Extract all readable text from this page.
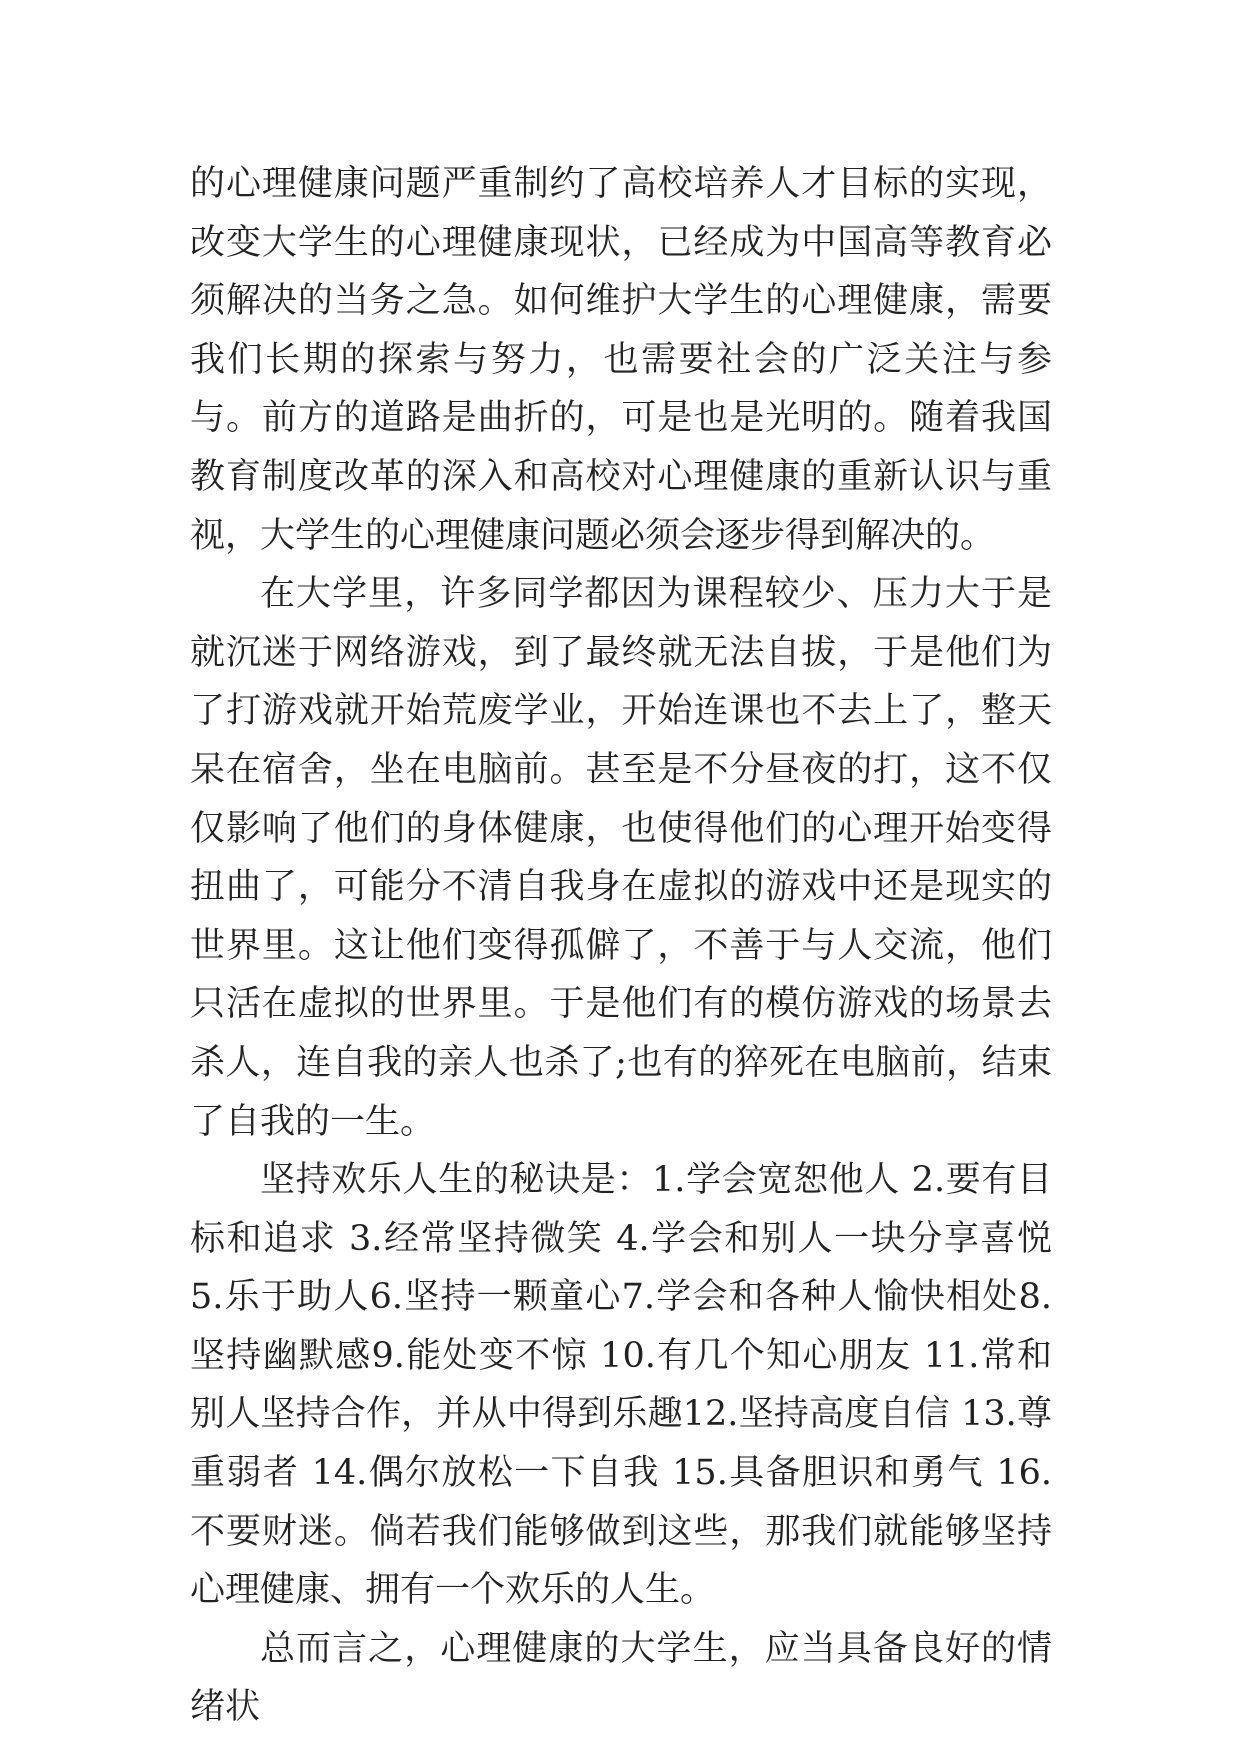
的心理健康问题严重制约了高校培养人才目标的实现，改变大学生的心理健康现状，已经成为中国高等教育必须解决的当务之急。如何维护大学生的心理健康，需要我们长期的探索与努力，也需要社会的广泛关注与参与。前方的道路是曲折的，可是也是光明的。随着我国教育制度改革的深入和高校对心理健康的重新认识与重视，大学生的心理健康问题必须会逐步得到解决的。

在大学里，许多同学都因为课程较少、压力大于是就沉迷于网络游戏，到了最终就无法自拔，于是他们为了打游戏就开始荒废学业，开始连课也不去上了，整天呆在宿舍，坐在电脑前。甚至是不分昼夜的打，这不仅仅影响了他们的身体健康，也使得他们的心理开始变得扭曲了，可能分不清自我身在虚拟的游戏中还是现实的世界里。这让他们变得孤僻了，不善于与人交流，他们只活在虚拟的世界里。于是他们有的模仿游戏的场景去杀人，连自我的亲人也杀了;也有的猝死在电脑前，结束了自我的一生。

坚持欢乐人生的秘诀是：1.学会宽恕他人 2.要有目标和追求 3.经常坚持微笑 4.学会和别人一块分享喜悦 5.乐于助人6.坚持一颗童心7.学会和各种人愉快相处8.坚持幽默感9.能处变不惊 10.有几个知心朋友 11.常和别人坚持合作，并从中得到乐趣12.坚持高度自信 13.尊重弱者 14.偶尔放松一下自我 15.具备胆识和勇气 16.不要财迷。倘若我们能够做到这些，那我们就能够坚持心理健康、拥有一个欢乐的人生。

总而言之，心理健康的大学生，应当具备良好的情绪状
